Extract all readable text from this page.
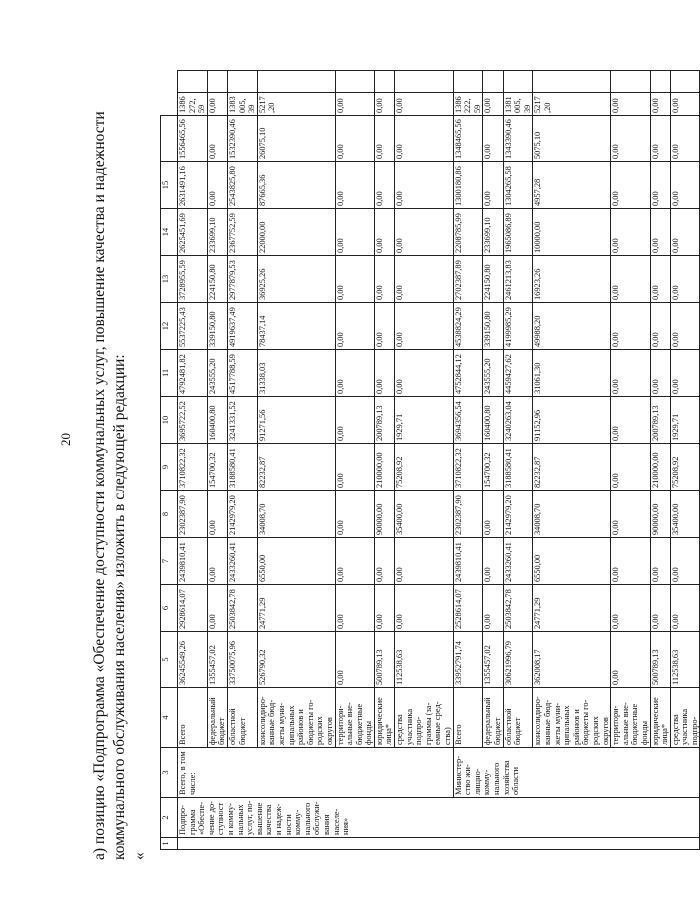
20 а) позицию «Подпрограмма «Обеспечение доступности коммунальных услуг, повышение качества и надежности коммунального обслуживания населения» изложить в следующей редакции: «

1	2	3	4	5	6	7	8	9	10	11	12	13	14	15			
	Подпро-грамма «Обеспе-чение до-ступности комму-нальных услуг, по-вышение качества и надеж-ности комму-нального обслужи-вания населе-ния»	Всего, в том числе:	Всего	36245549,26	2928614,07	2439810,41	2302387,90	3710822,32	3695722,52	4792481,82	5537225,43	3728955,59	2625451,69	2631491,16	1556465,56	1386272,59	
			федеральный бюджет	1355457,02	0,00	0,00	0,00	154700,32	160400,80	243555,20	339150,80	224150,80	233699,10	0,00	0,00	0,00	
			областной бюджет	33750075,96	2503842,78	2433260,41	2142979,20	3188580,41	3241331,52	4517788,59	4919637,49	2977879,53	2367752,59	2543825,80	1532390,46	1383005,39	
			консолидиро-ванные бюд-жеты муни-ципальных районов и бюджеты го-родских округов	526790,32	24771,29	6550,00	34008,70	82232,87	91271,56	31338,03	78437,14	36925,26	22000,00	87665,36	26075,10	5217,20	
			территори-альные вне-бюджетные фонды	0,00	0,00	0,00	0,00	0,00	0,00	0,00	0,00	0,00	0,00	0,00	0,00	0,00	
			юридические лица*	500789,13	0,00	0,00	90000,00	210000,00	200789,13	0,00	0,00	0,00	0,00	0,00	0,00	0,00	
			средства участника подпро-граммы (за-емные сред-ства)	112538,63	0,00	0,00	35400,00	75208,92	1929,71	0,00	0,00	0,00	0,00	0,00	0,00	0,00	
		Министер-ство жи-лищно-комму-нального хозяйства области	Всего	33952791,74	2528614,07	2439810,41	2302387,90	3710822,32	3694356,54	4752844,12	4538824,29	2702387,89	2208785,99	1300180,86	1348465,56	1386222,59	
			федеральный бюджет	1355457,02	0,00	0,00	0,00	154700,32	160400,80	243555,20	339150,80	224150,80	233699,10	0,00	0,00	0,00	
			областной бюджет	30621996,79	2503842,78	2433260,41	2142979,20	3188580,41	3240263,04	4459427,62	4199985,29	2461213,83	1965086,89	1304265,58	1343390,46	1381005,39	
			консолидиро-ванные бюд-жеты муни-ципальных районов и бюджеты го-родских округов	362008,17	24771,29	6550,00	34008,70	82232,87	91152,96	31061,30	49988,20	16923,26	10000,00	4957,28	5075,10	5217,20	
			территори-альные вне-бюджетные фонды	0,00	0,00	0,00	0,00	0,00	0,00	0,00	0,00	0,00	0,00	0,00	0,00	0,00	
			юридические лица*	500789,13	0,00	0,00	90000,00	210000,00	200789,13	0,00	0,00	0,00	0,00	0,00	0,00	0,00	
			средства участника подпро-	112538,63	0,00	0,00	35400,00	75208,92	1929,71	0,00	0,00	0,00	0,00	0,00	0,00	0,00	
